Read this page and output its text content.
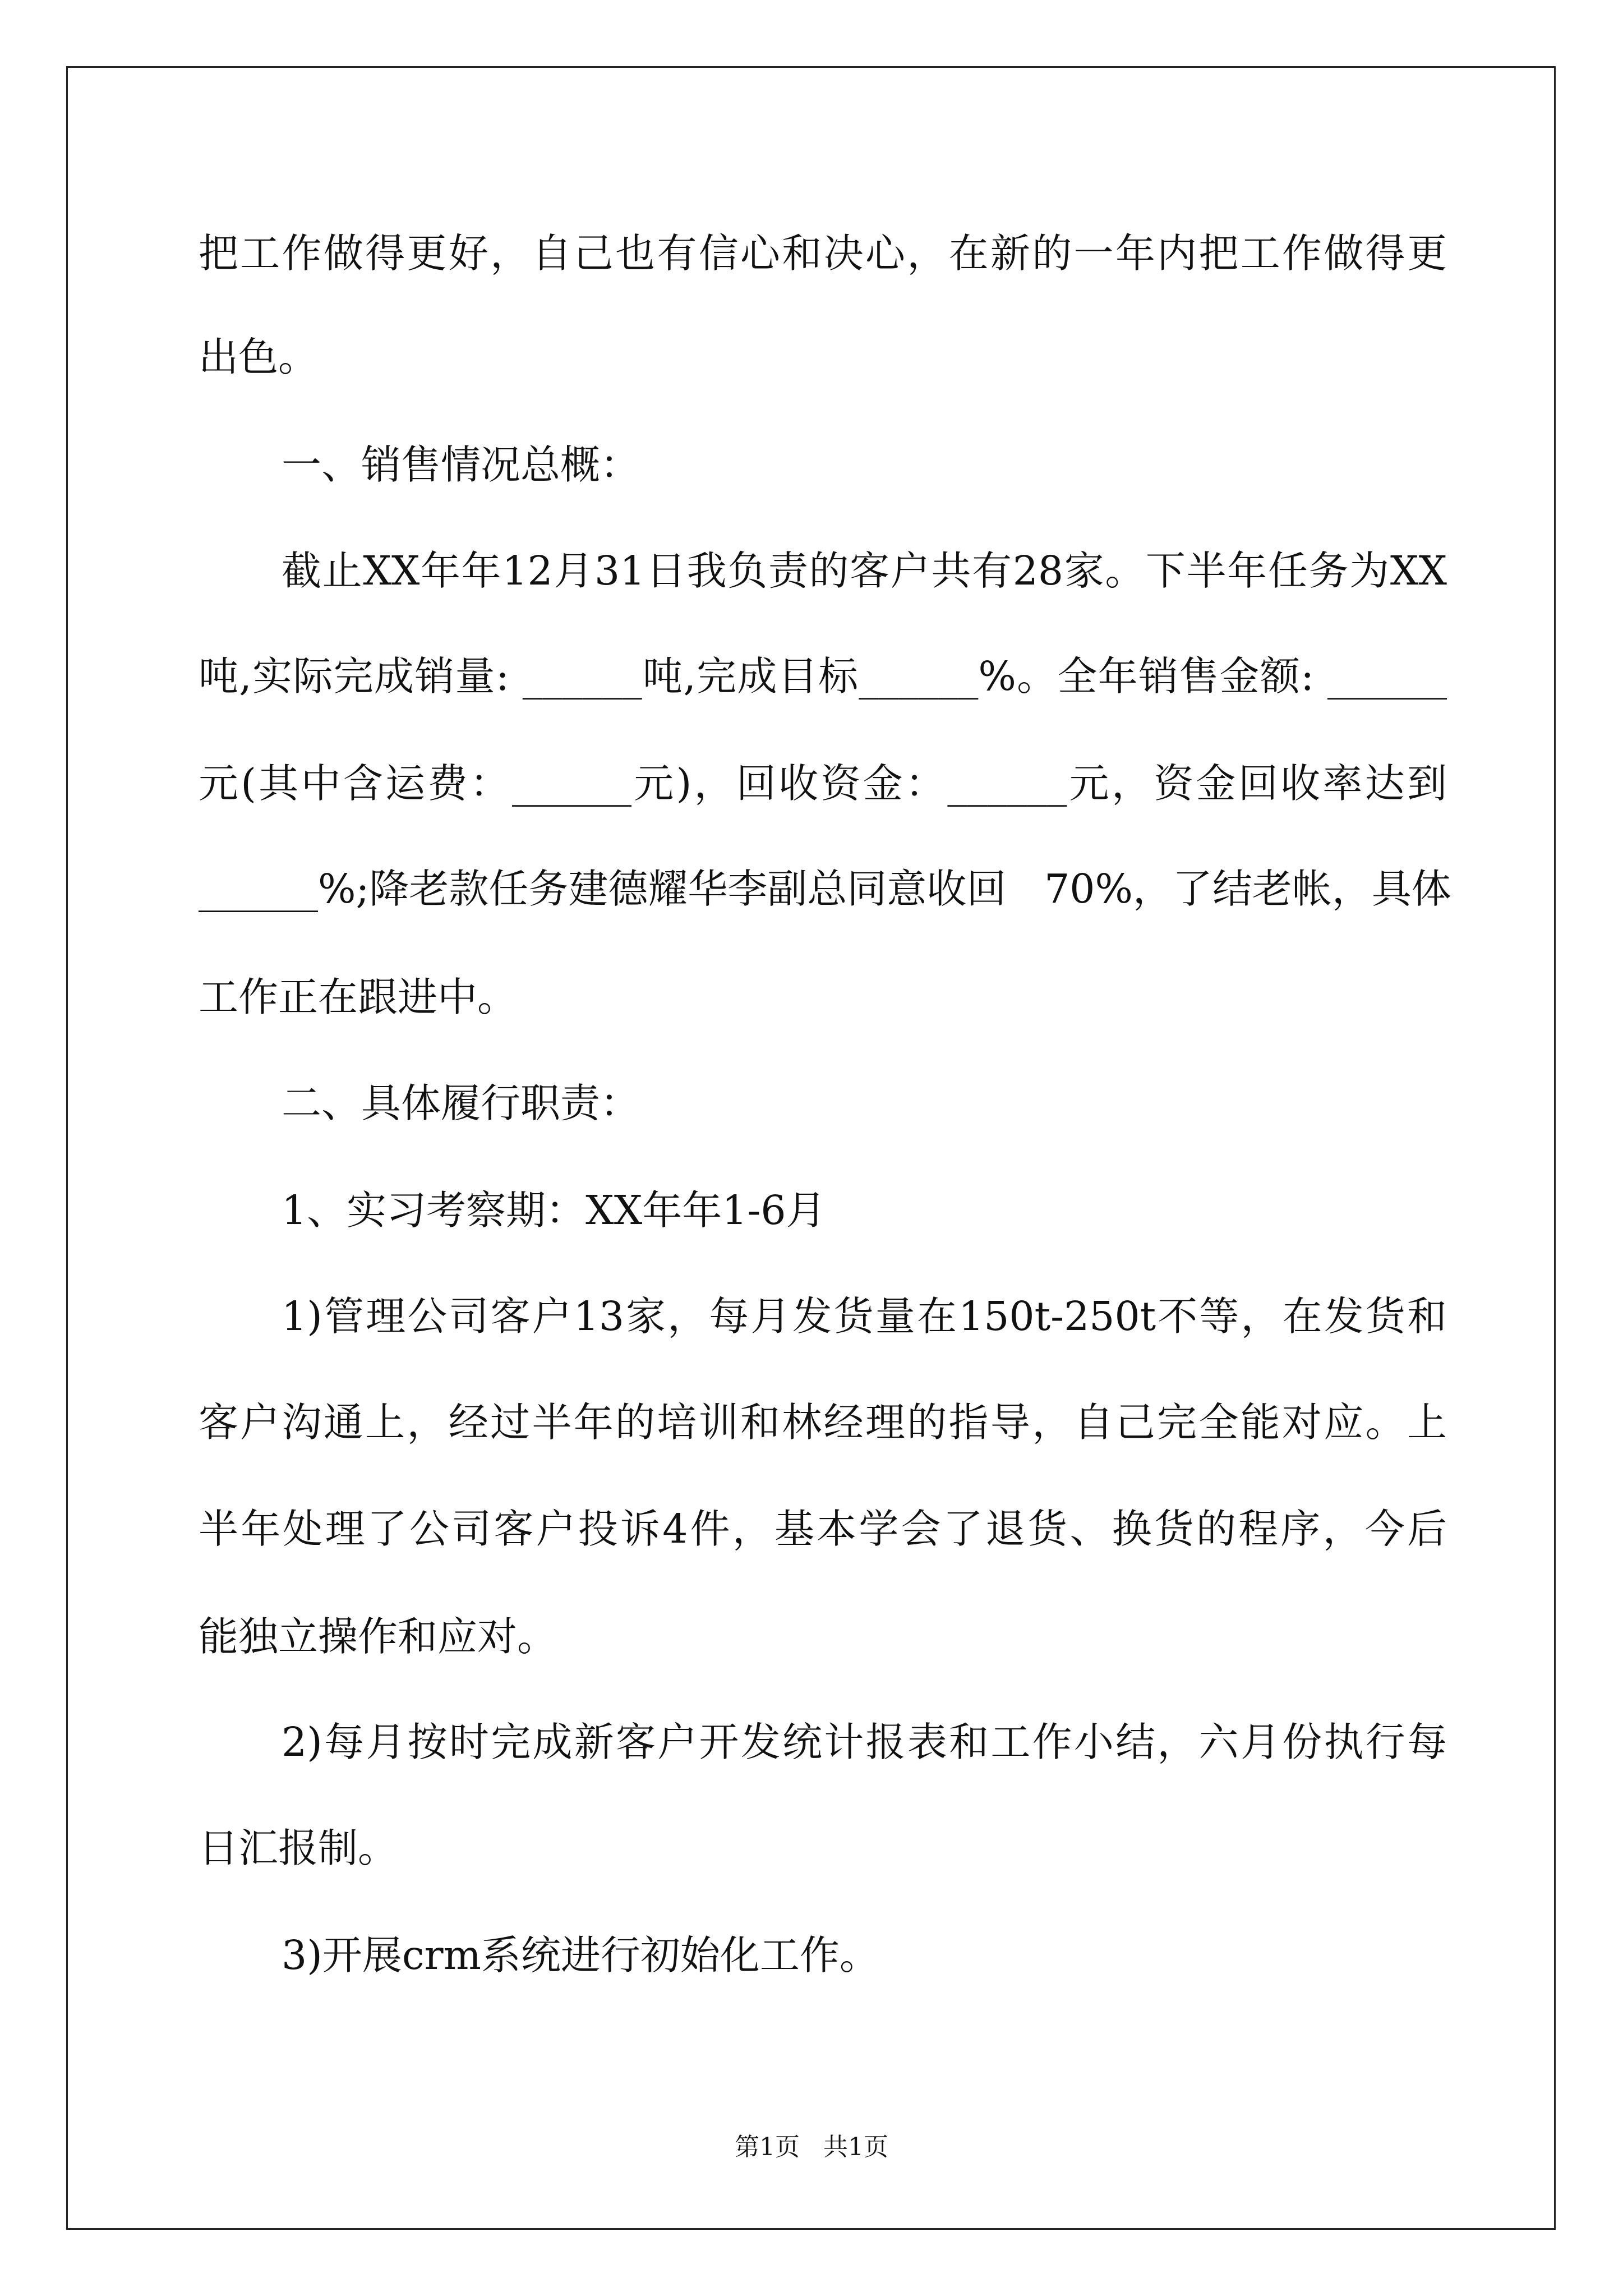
把工作做得更好，自己也有信心和决心，在新的一年内把工作做得更
出色。
一、销售情况总概：
截止XX年年12月31日我负责的客户共有28家。下半年任务为XX
吨,实际完成销量: ______吨,完成目标______%。全年销售金额: ______
元(其中含运费：______元)，回收资金：______元，资金回收率达到
______%;降老款任务建德耀华李副总同意收回   70%，了结老帐，具体
工作正在跟进中。
二、具体履行职责：
1、实习考察期：XX年年1-6月
1)管理公司客户13家，每月发货量在150t-250t不等，在发货和
客户沟通上，经过半年的培训和林经理的指导，自己完全能对应。上
半年处理了公司客户投诉4件，基本学会了退货、换货的程序，今后
能独立操作和应对。
2)每月按时完成新客户开发统计报表和工作小结，六月份执行每
日汇报制。
3)开展crm系统进行初始化工作。
第1页   共1页
